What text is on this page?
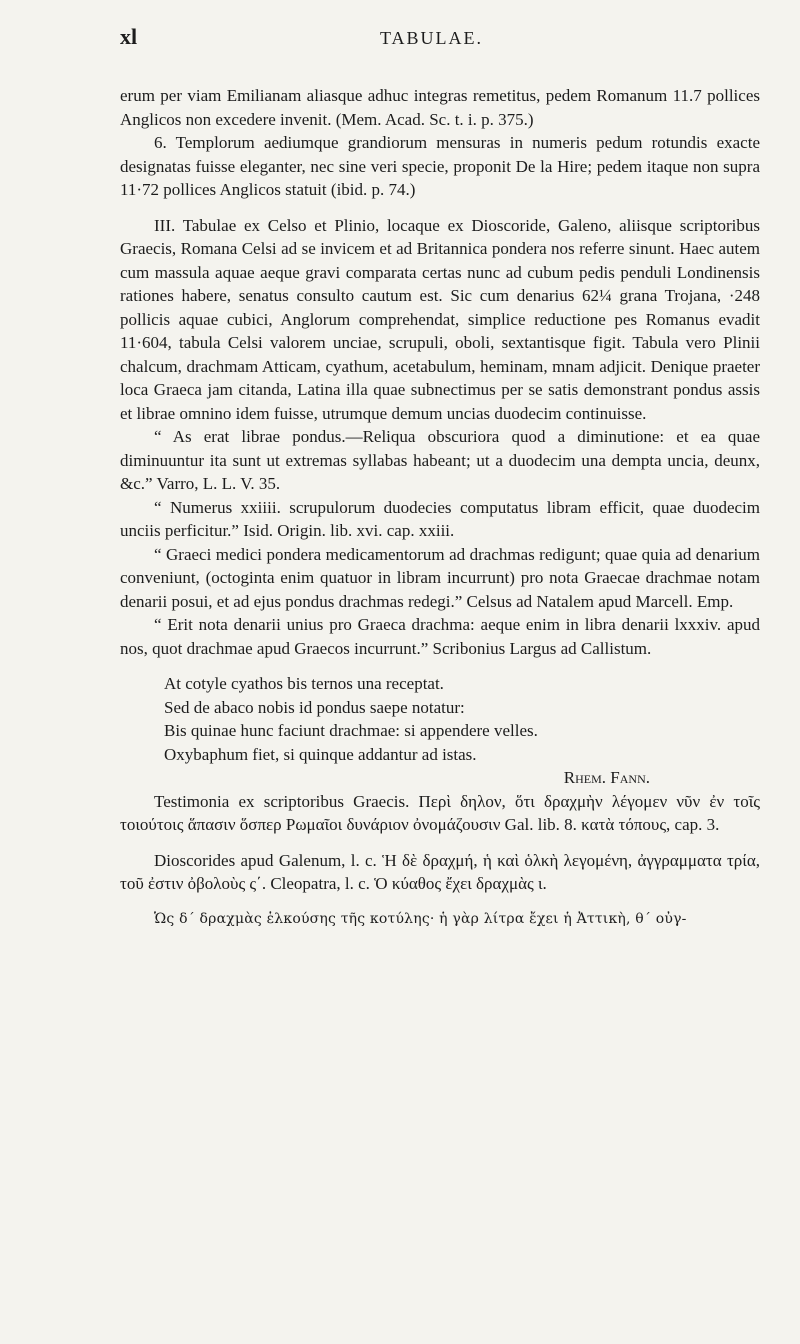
xl	TABULAE.

erum per viam Emilianam aliasque adhuc integras remetitus, pedem Romanum 11.7 pollices Anglicos non excedere invenit. (Mem. Acad. Sc. t. i. p. 375.)

6. Templorum aediumque grandiorum mensuras in numeris pedum rotundis exacte designatas fuisse eleganter, nec sine veri specie, proponit De la Hire; pedem itaque non supra 11·72 pollices Anglicos statuit (ibid. p. 74.)

III. Tabulae ex Celso et Plinio, locaque ex Dioscoride, Galeno, aliisque scriptoribus Graecis, Romana Celsi ad se invicem et ad Britannica pondera nos referre sinunt. Haec autem cum massula aquae aeque gravi comparata certas nunc ad cubum pedis penduli Londinensis rationes habere, senatus consulto cautum est. Sic cum denarius 62¼ grana Trojana, ·248 pollicis aquae cubici, Anglorum comprehendat, simplice reductione pes Romanus evadit 11·604, tabula Celsi valorem unciae, scrupuli, oboli, sextantisque figit. Tabula vero Plinii chalcum, drachmam Atticam, cyathum, acetabulum, heminam, mnam adjicit. Denique praeter loca Graeca jam citanda, Latina illa quae subnectimus per se satis demonstrant pondus assis et librae omnino idem fuisse, utrumque demum uncias duodecim continuisse.

“ As erat librae pondus.—Reliqua obscuriora quod a diminutione: et ea quae diminuuntur ita sunt ut extremas syllabas habeant; ut a duodecim una dempta uncia, deunx, &c.” Varro, L. L. V. 35.

“ Numerus xxiiii. scrupulorum duodecies computatus libram efficit, quae duodecim unciis perficitur.” Isid. Origin. lib. xvi. cap. xxiii.

“ Graeci medici pondera medicamentorum ad drachmas redigunt; quae quia ad denarium conveniunt, (octoginta enim quatuor in libram incurrunt) pro nota Graecae drachmae notam denarii posui, et ad ejus pondus drachmas redegi.” Celsus ad Natalem apud Marcell. Emp.

“ Erit nota denarii unius pro Graeca drachma: aeque enim in libra denarii lxxxiv. apud nos, quot drachmae apud Graecos incurrunt.” Scribonius Largus ad Callistum.

At cotyle cyathos bis ternos una receptat.

Sed de abaco nobis id pondus saepe notatur:

Bis quinae hunc faciunt drachmae: si appendere velles.

Oxybaphum fiet, si quinque addantur ad istas.

Rhem. Fann.

Testimonia ex scriptoribus Graecis. Περὶ δηλον, ὅτι δραχμὴν λέγομεν νῦν ἐν τοῖς τοιούτοις ἅπασιν ὅσπερ Ρωμαῖοι δυνάριον ὀνομάζουσιν Gal. lib. 8. κατὰ τόπους, cap. 3.

Dioscorides apud Galenum, l. c. Ἡ δὲ δραχμή, ἡ καὶ ὁλκὴ λεγομένη, ἀγγραμματα τρία, τοῦ ἐστιν ὀβολοὺς ς΄. Cleopatra, l. c. Ὁ κύαθος ἔχει δραχμὰς ι.

Ὡς δ΄ δραχμὰς ἑλκούσης τῆς κοτύλης· ἡ γὰρ λίτρα ἔχει ἡ Ἀττικὴ, θ΄ οὐγ-
